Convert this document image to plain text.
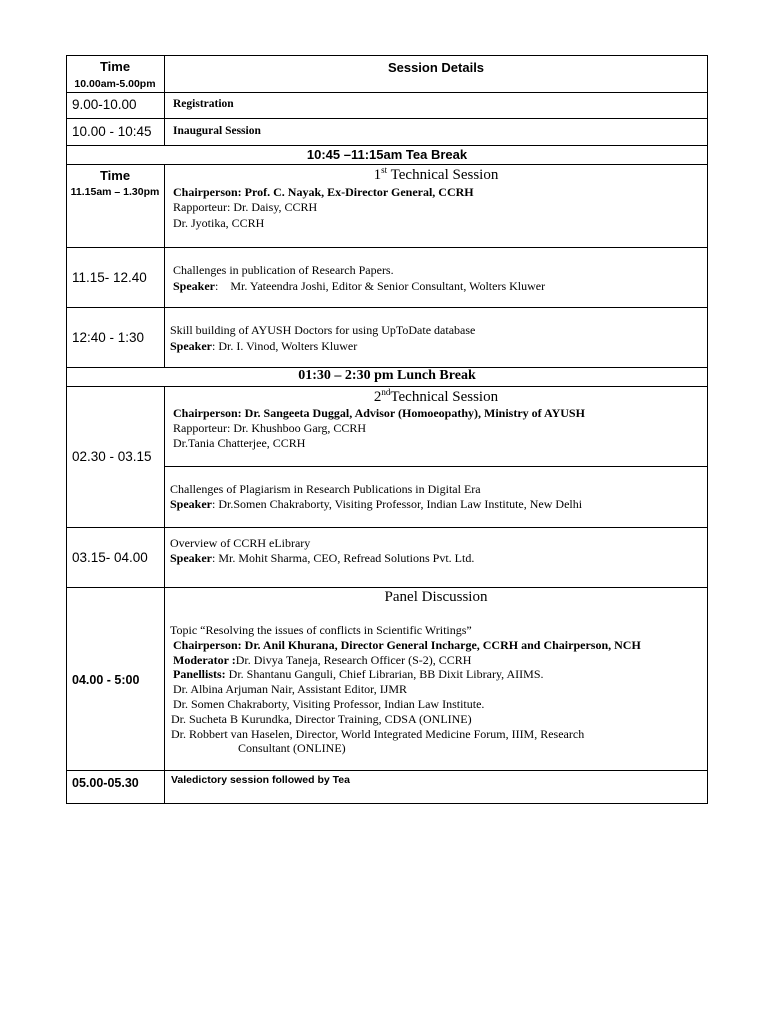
Time
10.00am-5.00pm
Session Details
9.00-10.00	Registration
10.00 - 10:45 Inaugural Session
10:45 –11:15am Tea Break
Time
11.15am – 1.30pm
1st Technical Session
Chairperson: Prof. C. Nayak, Ex-Director General, CCRH
Rapporteur: Dr. Daisy, CCRH
Dr. Jyotika, CCRH
11.15- 12.40 Challenges in publication of Research Papers.
Speaker:    Mr. Yateendra Joshi, Editor & Senior Consultant, Wolters Kluwer
12:40 - 1:30 Skill building of AYUSH Doctors for using UpToDate database
Speaker: Dr. I. Vinod, Wolters Kluwer
01:30 – 2:30 pm Lunch Break
02.30 - 03.15
2ndTechnical Session
Chairperson: Dr. Sangeeta Duggal, Advisor (Homoeopathy), Ministry of AYUSH
Rapporteur: Dr. Khushboo Garg, CCRH
Dr.Tania Chatterjee, CCRH
Challenges of Plagiarism in Research Publications in Digital Era
Speaker: Dr.Somen Chakraborty, Visiting Professor, Indian Law Institute, New Delhi
03.15- 04.00
Overview of CCRH eLibrary
Speaker: Mr. Mohit Sharma, CEO, Refread Solutions Pvt. Ltd.
04.00 - 5:00
Panel Discussion
Topic “Resolving the issues of conflicts in Scientific Writings”
Chairperson: Dr. Anil Khurana, Director General Incharge, CCRH and Chairperson, NCH
Moderator :Dr. Divya Taneja, Research Officer (S-2), CCRH
Panellists: Dr. Shantanu Ganguli, Chief Librarian, BB Dixit Library, AIIMS.
Dr. Albina Arjuman Nair, Assistant Editor, IJMR
Dr. Somen Chakraborty, Visiting Professor, Indian Law Institute.
Dr. Sucheta B Kurundka, Director Training, CDSA (ONLINE)
Dr. Robbert van Haselen, Director, World Integrated Medicine Forum, IIIM, Research
Consultant (ONLINE)
05.00-05.30	Valedictory session followed by Tea
